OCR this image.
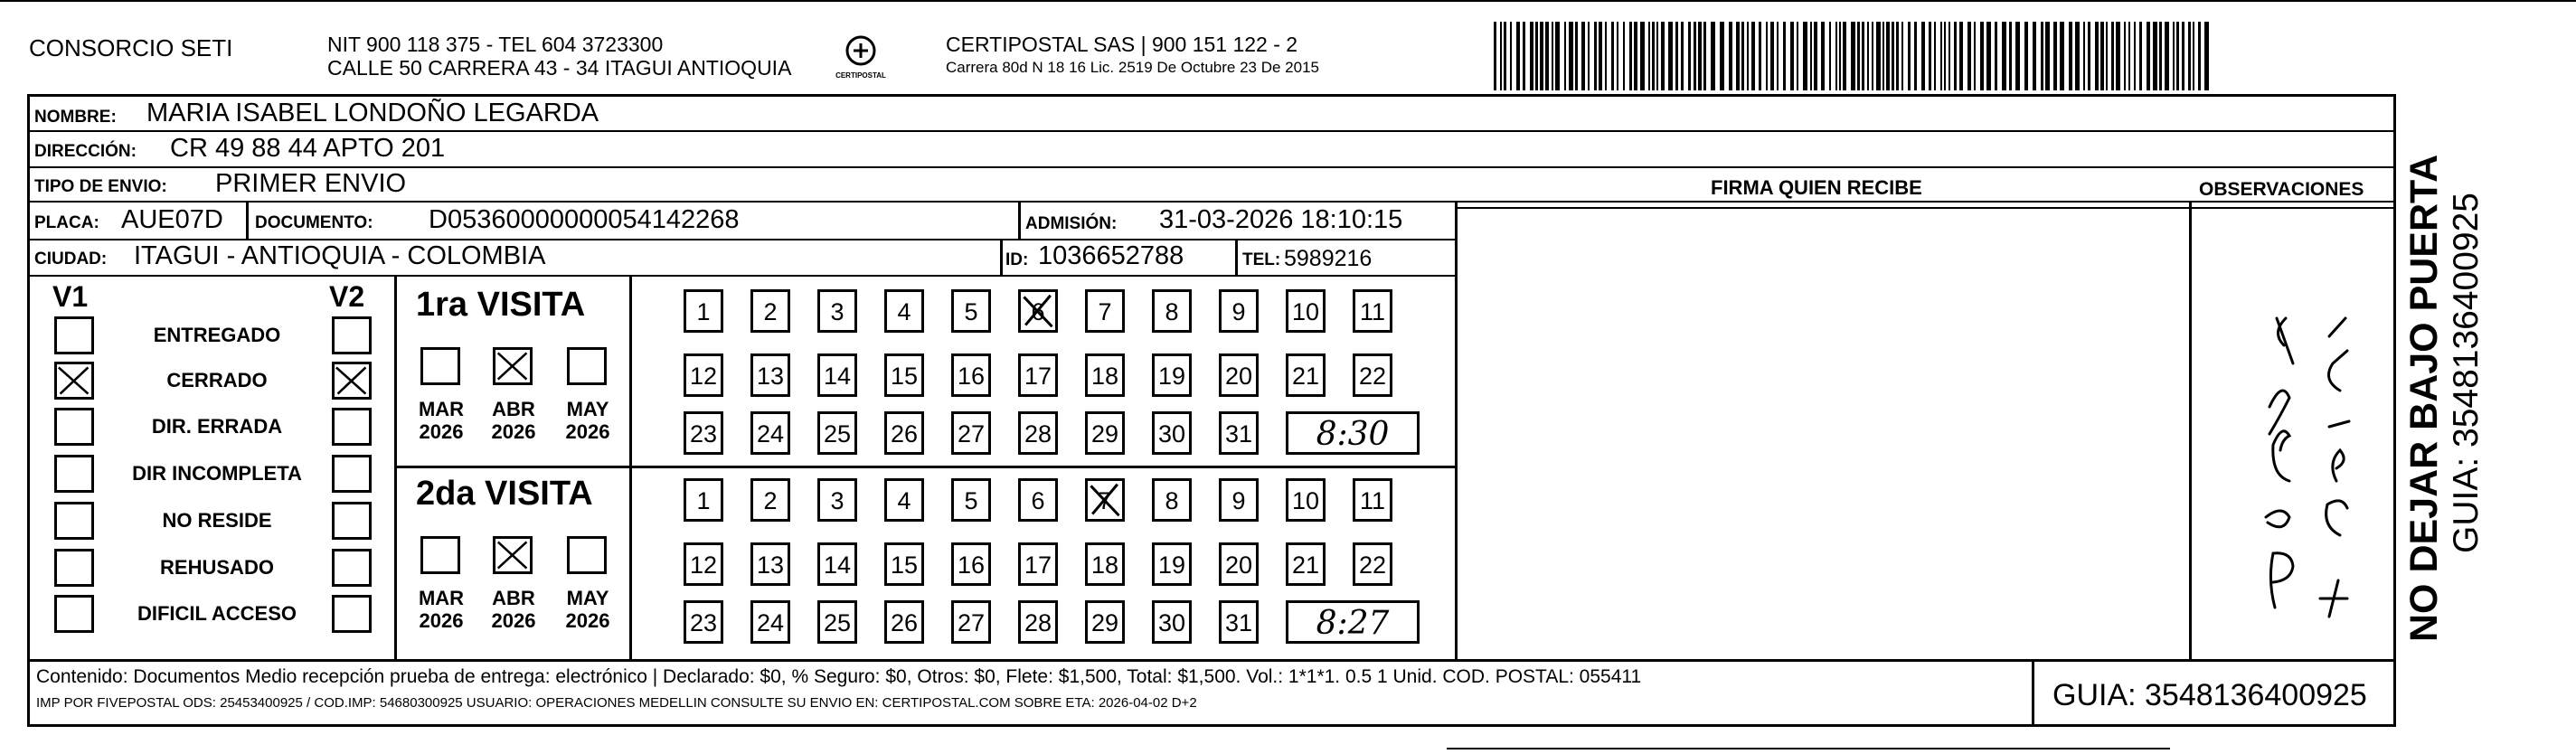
CONSORCIO SETI	NIT 900 118 375 - TEL 604 3723300
CALLE 50 CARRERA 43 - 34 ITAGUI ANTIOQUIA	CERTIPOSTAL
CERTIPOSTAL SAS | 900 151 122 - 2
Carrera 80d N 18 16 Lic. 2519 De Octubre 23 De 2015
NOMBRE: MARIA ISABEL LONDOÑO LEGARDA
DIRECCIÓN: CR 49 88 44 APTO 201
TIPO DE ENVIO: PRIMER ENVIO
PLACA: AUE07D DOCUMENTO: D05360000000054142268	ADMISIÓN: 31-03-2026 18:10:15
CIUDAD: ITAGUI - ANTIOQUIA - COLOMBIA	ID: 1036652788	TEL: 5989216
FIRMA QUIEN RECIBE	OBSERVACIONES
V1	V2
ENTREGADO
CERRADO
DIR. ERRADA
DIR INCOMPLETA
NO RESIDE
REHUSADO
DIFICIL ACCESO
1ra VISITA
MAR
2026
ABR
2026
MAY
2026
1	2	3	4	5	6	7	8	9	10 11
12 13 14 15 16 17 18 19 20 21 22
23 24 25 26 27 28 29 30 31	8:30
2da VISITA
MAR
2026
ABR
2026
MAY
2026
1	2	3	4	5	6	7	8	9	10 11
12 13 14 15 16 17 18 19 20 21 22
23 24 25 26 27 28 29 30 31	8:27
Contenido: Documentos Medio recepción prueba de entrega: electrónico | Declarado: $0, % Seguro: $0, Otros: $0, Flete: $1,500, Total: $1,500. Vol.: 1*1*1. 0.5 1 Unid. COD. POSTAL: 055411
IMP POR FIVEPOSTAL ODS: 25453400925 / COD.IMP: 54680300925 USUARIO: OPERACIONES MEDELLIN CONSULTE SU ENVIO EN: CERTIPOSTAL.COM SOBRE ETA: 2026-04-02 D+2	GUIA: 3548136400925
NO DEJAR BAJO PUERTA GUIA: 3548136400925
